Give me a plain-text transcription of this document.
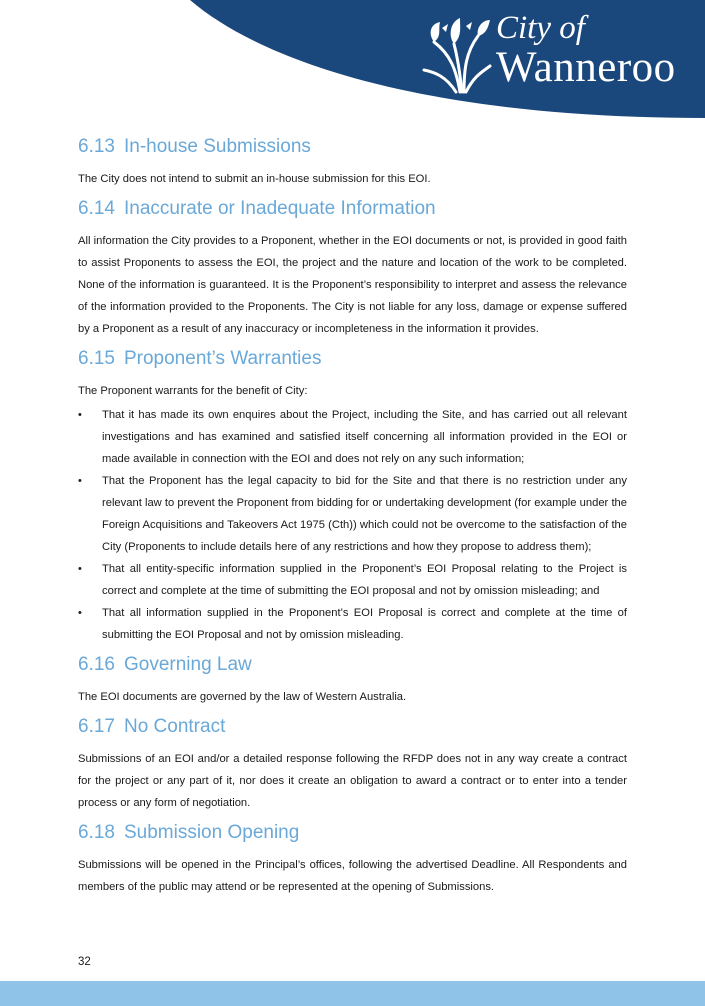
City of
Wanneroo
6.13 In-house Submissions

The City does not intend to submit an in-house submission for this EOI.

6.14 Inaccurate or Inadequate Information

All information the City provides to a Proponent, whether in the EOI documents or not, is provided in good faith to assist Proponents to assess the EOI, the project and the nature and location of the work to be completed. None of the information is guaranteed. It is the Proponent’s responsibility to interpret and assess the relevance of the information provided to the Proponents. The City is not liable for any loss, damage or expense suffered by a Proponent as a result of any inaccuracy or incompleteness in the information it provides.

6.15 Proponent’s Warranties

The Proponent warrants for the benefit of City:

• That it has made its own enquires about the Project, including the Site, and has carried out all relevant investigations and has examined and satisfied itself concerning all information provided in the EOI or made available in connection with the EOI and does not rely on any such information;
• That the Proponent has the legal capacity to bid for the Site and that there is no restriction under any relevant law to prevent the Proponent from bidding for or undertaking development (for example under the Foreign Acquisitions and Takeovers Act 1975 (Cth)) which could not be overcome to the satisfaction of the City (Proponents to include details here of any restrictions and how they propose to address them);
• That all entity-specific information supplied in the Proponent’s EOI Proposal relating to the Project is correct and complete at the time of submitting the EOI proposal and not by omission misleading; and
• That all information supplied in the Proponent’s EOI Proposal is correct and complete at the time of submitting the EOI Proposal and not by omission misleading.
6.16 Governing Law

The EOI documents are governed by the law of Western Australia.

6.17 No Contract

Submissions of an EOI and/or a detailed response following the RFDP does not in any way create a contract for the project or any part of it, nor does it create an obligation to award a contract or to enter into a tender process or any form of negotiation.

6.18 Submission Opening

Submissions will be opened in the Principal’s offices, following the advertised Deadline. All Respondents and members of the public may attend or be represented at the opening of Submissions.

32
